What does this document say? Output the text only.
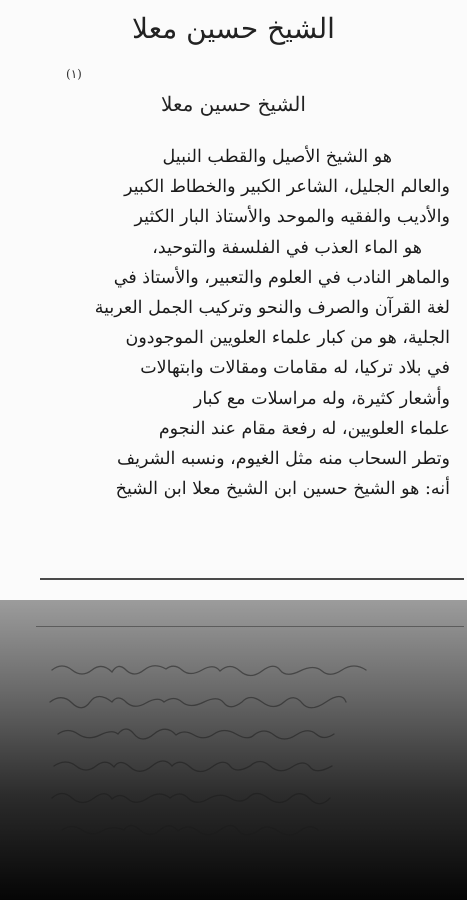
الشيخ حسين معلا
(١)
الشيخ حسين معلا
هو الشيخ الأصيل والقطب النبيل
والعالم الجليل، الشاعر الكبير والخطاط الكبير
والأديب والفقيه والموحد والأستاذ البار الكثير
هو الماء العذب في الفلسفة والتوحيد،
والماهر النادب في العلوم والتعبير، والأستاذ في
لغة القرآن والصرف والنحو وتركيب الجمل العربية
الجلية، هو من كبار علماء العلويين الموجودون
في بلاد تركيا، له مقامات ومقالات وابتهالات
وأشعار كثيرة، وله مراسلات مع كبار
علماء العلويين، له رفعة مقام عند النجوم
وتطر السحاب منه مثل الغيوم، ونسبه الشريف
أنه: هو الشيخ حسين ابن الشيخ معلا ابن الشيخ
